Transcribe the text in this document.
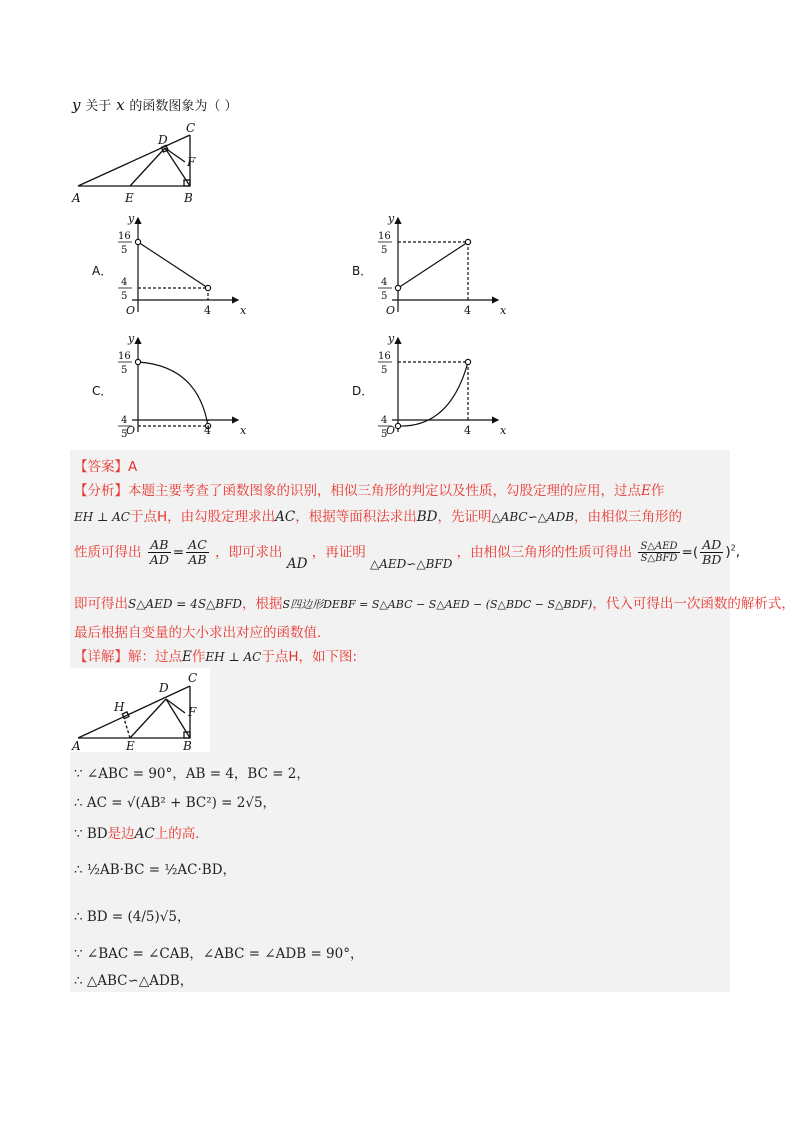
y 关于 x 的函数图象为（ ）
A	E	B
C
D
F
A．	B．
C．	D．
y
O	4	x
16
5
4
5
y
O	4	x
16
5
4
5
y
O	4	x
16
5
4
5
y
O	4	x
16
5
4
5
【答案】A
【分析】本题主要考查了函数图象的识别，相似三角形的判定以及性质，勾股定理的应用，过点E作
EH ⊥ AC于点H，由勾股定理求出AC，根据等面积法求出BD，先证明△ABC∽△ADB，由相似三角形的
性质可得出 $\frac{AB}{AD} = \frac{AC}{AB}$ ，即可求出 AD ，再证明 △AED∽△BFD ，由相似三角形的性质可得出 $\frac{\text{S△AED}}{\text{S△BFD}}$ =( $\frac{AD}{BD} )^2$,
即可得出S△AED = 4S△BFD，根据S四边形DEBF = S△ABC − S△AED − (S△BDC − S△BDF)，代入可得出一次函数的解析式，
最后根据自变量的大小求出对应的函数值．
【详解】解：过点E作EH ⊥ AC于点H，如下图:
A	E	B
C
D
F
H
∵ ∠ABC = 90°，AB = 4，BC = 2，
∴ AC = √(AB² + BC²) = 2√5，
∵ BD是边AC上的高．
∴ ½AB·BC = ½AC·BD，
∴ BD = (4/5)√5，
∵ ∠BAC = ∠CAB，∠ABC = ∠ADB = 90°，
∴ △ABC∽△ADB，
